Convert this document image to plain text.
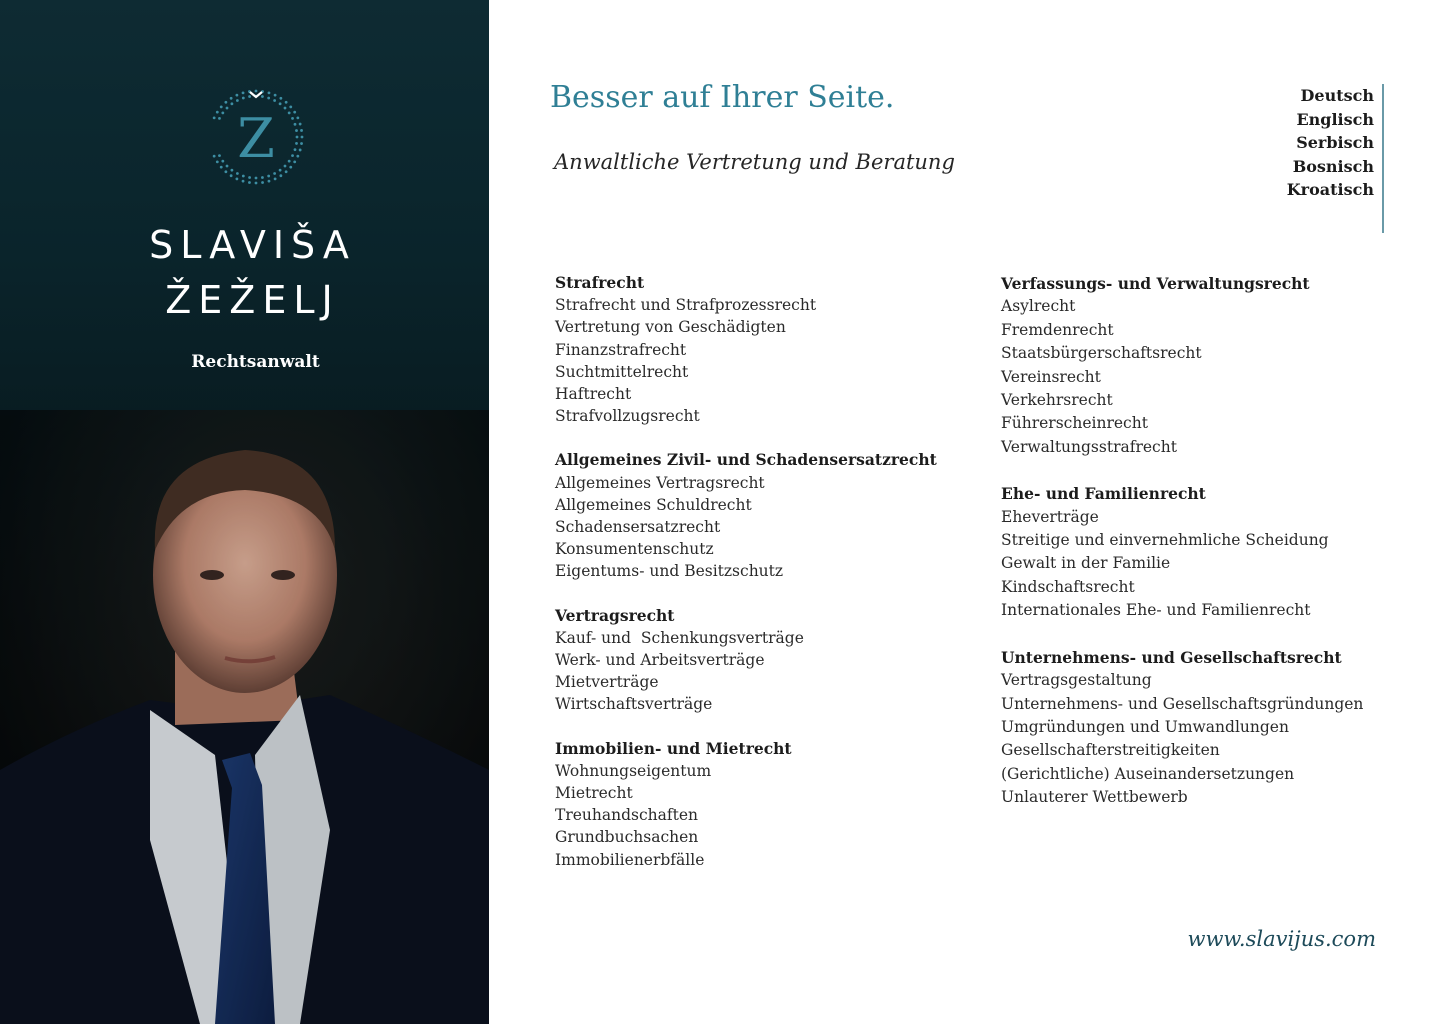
Z
SLAVIŠA
ŽEŽELJ
Rechtsanwalt
Besser auf Ihrer Seite.
Anwaltliche Vertretung und Beratung
Deutsch
Englisch
Serbisch
Bosnisch
Kroatisch
Strafrecht
Strafrecht und Strafprozessrecht
Vertretung von Geschädigten
Finanzstrafrecht
Suchtmittelrecht
Haftrecht
Strafvollzugsrecht
Allgemeines Zivil- und Schadensersatzrecht
Allgemeines Vertragsrecht
Allgemeines Schuldrecht
Schadensersatzrecht
Konsumentenschutz
Eigentums- und Besitzschutz
Vertragsrecht
Kauf- und  Schenkungsverträge
Werk- und Arbeitsverträge
Mietverträge
Wirtschaftsverträge
Immobilien- und Mietrecht
Wohnungseigentum
Mietrecht
Treuhandschaften
Grundbuchsachen
Immobilienerbfälle
Verfassungs- und Verwaltungsrecht
Asylrecht
Fremdenrecht
Staatsbürgerschaftsrecht
Vereinsrecht
Verkehrsrecht
Führerscheinrecht
Verwaltungsstrafrecht
Ehe- und Familienrecht
Eheverträge
Streitige und einvernehmliche Scheidung
Gewalt in der Familie
Kindschaftsrecht
Internationales Ehe- und Familienrecht
Unternehmens- und Gesellschaftsrecht
Vertragsgestaltung
Unternehmens- und Gesellschaftsgründungen
Umgründungen und Umwandlungen
Gesellschafterstreitigkeiten
(Gerichtliche) Auseinandersetzungen
Unlauterer Wettbewerb
www.slavijus.com
